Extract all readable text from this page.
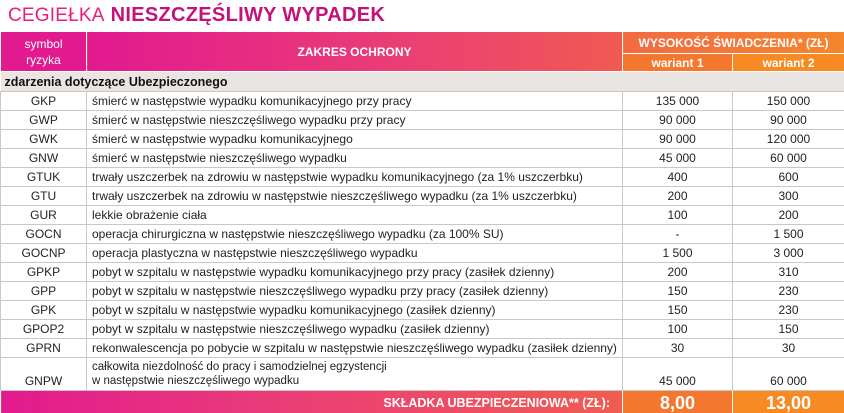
CEGIEŁKA NIESZCZĘŚLIWY WYPADEK
symbol
ryzyka	ZAKRES OCHRONY	WYSOKOŚĆ ŚWIADCZENIA* (ZŁ)	
		wariant 1	wariant 2
zdarzenia dotyczące Ubezpieczonego			
GKP	śmierć w następstwie wypadku komunikacyjnego przy pracy	135 000	150 000
GWP	śmierć w następstwie nieszczęśliwego wypadku przy pracy	90 000	90 000
GWK	śmierć w następstwie wypadku komunikacyjnego	90 000	120 000
GNW	śmierć w następstwie nieszczęśliwego wypadku	45 000	60 000
GTUK	trwały uszczerbek na zdrowiu w następstwie wypadku komunikacyjnego (za 1% uszczerbku)	400	600
GTU	trwały uszczerbek na zdrowiu w następstwie nieszczęśliwego wypadku (za 1% uszczerbku)	200	300
GUR	lekkie obrażenie ciała	100	200
GOCN	operacja chirurgiczna w następstwie nieszczęśliwego wypadku (za 100% SU)	-	1 500
GOCNP	operacja plastyczna w następstwie nieszczęśliwego wypadku	1 500	3 000
GPKP	pobyt w szpitalu w następstwie wypadku komunikacyjnego przy pracy (zasiłek dzienny)	200	310
GPP	pobyt w szpitalu w następstwie nieszczęśliwego wypadku przy pracy (zasiłek dzienny)	150	230
GPK	pobyt w szpitalu w następstwie wypadku komunikacyjnego (zasiłek dzienny)	150	230
GPOP2	pobyt w szpitalu w następstwie nieszczęśliwego wypadku (zasiłek dzienny)	100	150
GPRN	rekonwalescencja po pobycie w szpitalu w następstwie nieszczęśliwego wypadku (zasiłek dzienny)	30	30
GNPW	całkowita niezdolność do pracy i samodzielnej egzystencji
w następstwie nieszczęśliwego wypadku	45 000	60 000
SKŁADKA UBEZPIECZENIOWA** (ZŁ):		8,00	13,00
